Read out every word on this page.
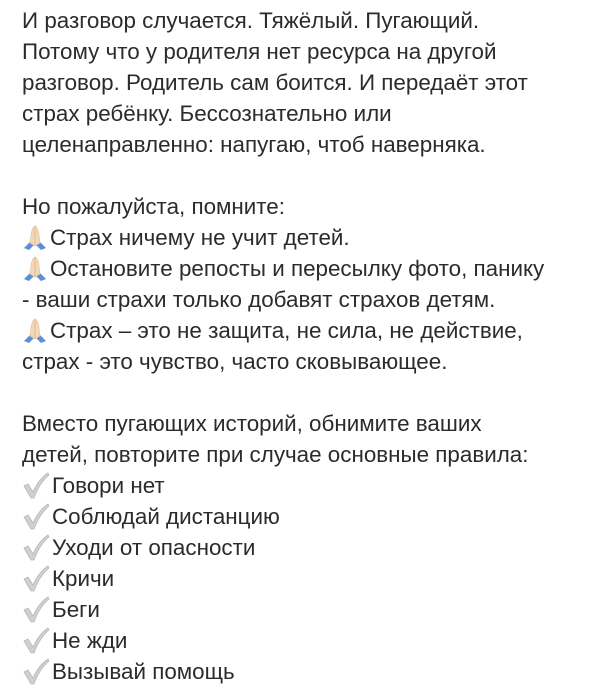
И разговор случается. Тяжёлый. Пугающий.
Потому что у родителя нет ресурса на другой
разговор. Родитель сам боится. И передаёт этот
страх ребёнку. Бессознательно или
целенаправленно: напугаю, чтоб наверняка.
Но пожалуйста, помните:
Страх ничему не учит детей.
Остановите репосты и пересылку фото, панику
- ваши страхи только добавят страхов детям.
Страх – это не защита, не сила, не действие,
страх - это чувство, часто сковывающее.
Вместо пугающих историй, обнимите ваших
детей, повторите при случае основные правила:
Говори нет
Соблюдай дистанцию
Уходи от опасности
Кричи
Беги
Не жди
Вызывай помощь
